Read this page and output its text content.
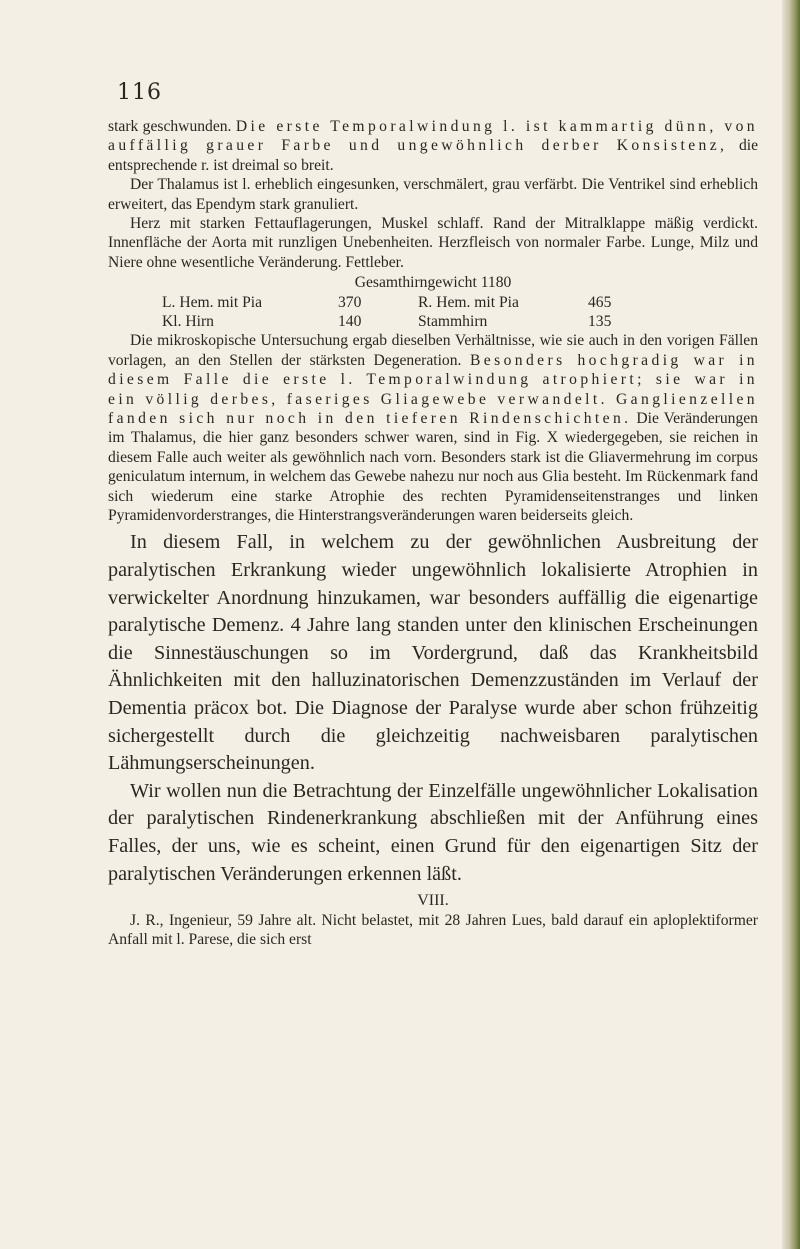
116

stark geschwunden. Die erste Temporalwindung l. ist kammartig dünn, von auffällig grauer Farbe und ungewöhnlich derber Konsistenz, die entsprechende r. ist dreimal so breit.

Der Thalamus ist l. erheblich eingesunken, verschmälert, grau verfärbt. Die Ventrikel sind erheblich erweitert, das Ependym stark granuliert.

Herz mit starken Fettauflagerungen, Muskel schlaff. Rand der Mitralklappe mäßig verdickt. Innenfläche der Aorta mit runzligen Unebenheiten. Herzfleisch von normaler Farbe. Lunge, Milz und Niere ohne wesentliche Veränderung. Fettleber.

Gesamthirngewicht 1180
L. Hem. mit Pia	370	R. Hem. mit Pia	465
Kl. Hirn	140	Stammhirn	135

Die mikroskopische Untersuchung ergab dieselben Verhältnisse, wie sie auch in den vorigen Fällen vorlagen, an den Stellen der stärksten Degeneration. Besonders hochgradig war in diesem Falle die erste l. Temporalwindung atrophiert; sie war in ein völlig derbes, faseriges Gliagewebe verwandelt. Ganglienzellen fanden sich nur noch in den tieferen Rindenschichten. Die Veränderungen im Thalamus, die hier ganz besonders schwer waren, sind in Fig. X wiedergegeben, sie reichen in diesem Falle auch weiter als gewöhnlich nach vorn. Besonders stark ist die Gliavermehrung im corpus geniculatum internum, in welchem das Gewebe nahezu nur noch aus Glia besteht. Im Rückenmark fand sich wiederum eine starke Atrophie des rechten Pyramidenseitenstranges und linken Pyramidenvorderstranges, die Hinterstrangsveränderungen waren beiderseits gleich.

In diesem Fall, in welchem zu der gewöhnlichen Ausbreitung der paralytischen Erkrankung wieder ungewöhnlich lokalisierte Atrophien in verwickelter Anordnung hinzukamen, war besonders auffällig die eigenartige paralytische Demenz. 4 Jahre lang standen unter den klinischen Erscheinungen die Sinnestäuschungen so im Vordergrund, daß das Krankheitsbild Ähnlichkeiten mit den halluzinatorischen Demenzzuständen im Verlauf der Dementia präcox bot. Die Diagnose der Paralyse wurde aber schon frühzeitig sichergestellt durch die gleichzeitig nachweisbaren paralytischen Lähmungserscheinungen.

Wir wollen nun die Betrachtung der Einzelfälle ungewöhnlicher Lokalisation der paralytischen Rindenerkrankung abschließen mit der Anführung eines Falles, der uns, wie es scheint, einen Grund für den eigenartigen Sitz der paralytischen Veränderungen erkennen läßt.

VIII.

J. R., Ingenieur, 59 Jahre alt. Nicht belastet, mit 28 Jahren Lues, bald darauf ein aploplektiformer Anfall mit l. Parese, die sich erst
